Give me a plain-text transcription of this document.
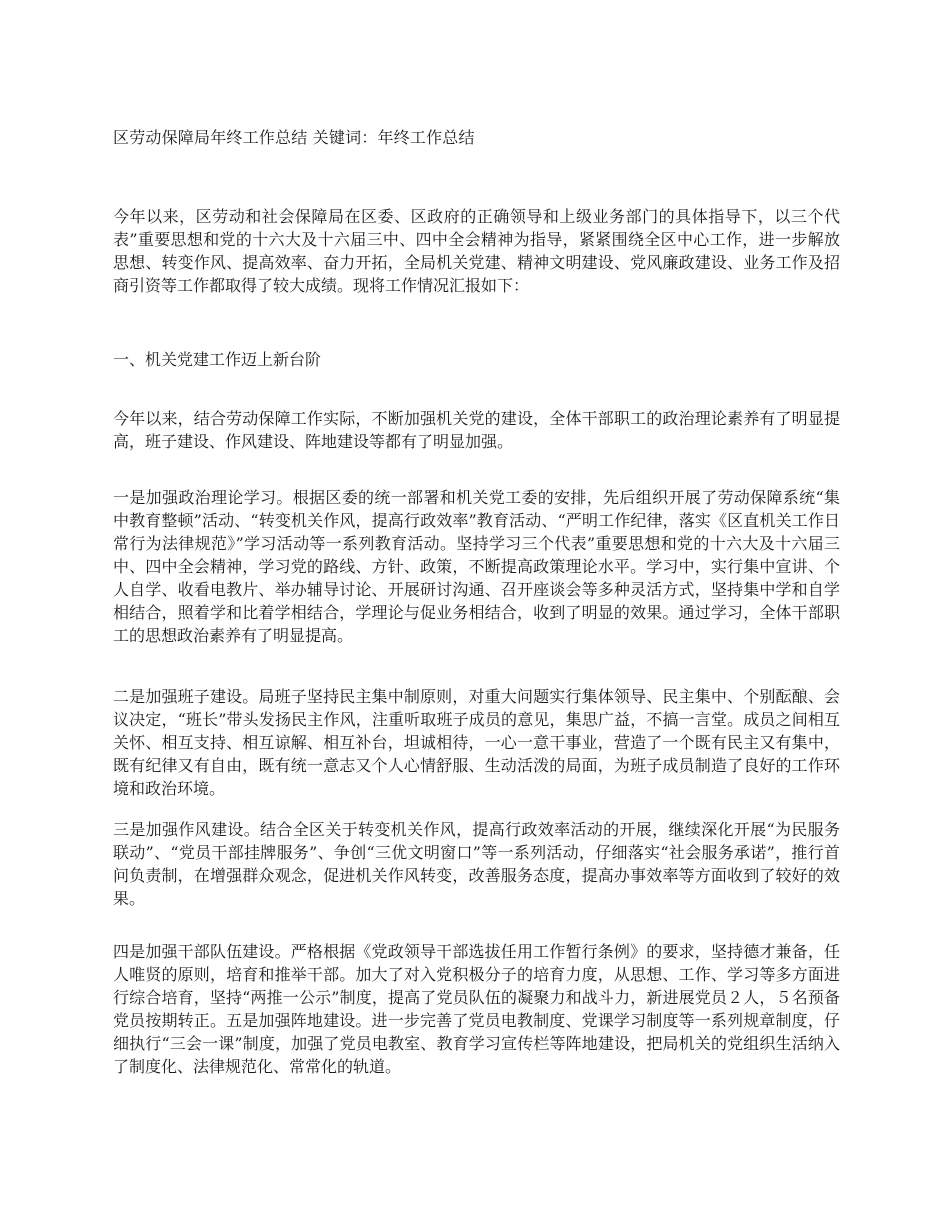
区劳动保障局年终工作总结 关键词：年终工作总结

今年以来，区劳动和社会保障局在区委、区政府的正确领导和上级业务部门的具体指导下，以三个代表”重要思想和党的十六大及十六届三中、四中全会精神为指导，紧紧围绕全区中心工作，进一步解放思想、转变作风、提高效率、奋力开拓，全局机关党建、精神文明建设、党风廉政建设、业务工作及招商引资等工作都取得了较大成绩。现将工作情况汇报如下：

一、机关党建工作迈上新台阶

今年以来，结合劳动保障工作实际，不断加强机关党的建设，全体干部职工的政治理论素养有了明显提高，班子建设、作风建设、阵地建设等都有了明显加强。

一是加强政治理论学习。根据区委的统一部署和机关党工委的安排，先后组织开展了劳动保障系统“集中教育整顿”活动、“转变机关作风，提高行政效率”教育活动、“严明工作纪律，落实《区直机关工作日常行为法律规范》”学习活动等一系列教育活动。坚持学习三个代表”重要思想和党的十六大及十六届三中、四中全会精神，学习党的路线、方针、政策，不断提高政策理论水平。学习中，实行集中宣讲、个人自学、收看电教片、举办辅导讨论、开展研讨沟通、召开座谈会等多种灵活方式，坚持集中学和自学相结合，照着学和比着学相结合，学理论与促业务相结合，收到了明显的效果。通过学习，全体干部职工的思想政治素养有了明显提高。

二是加强班子建设。局班子坚持民主集中制原则，对重大问题实行集体领导、民主集中、个别酝酿、会议决定，“班长”带头发扬民主作风，注重听取班子成员的意见，集思广益，不搞一言堂。成员之间相互关怀、相互支持、相互谅解、相互补台，坦诚相待，一心一意干事业，营造了一个既有民主又有集中，既有纪律又有自由，既有统一意志又个人心情舒服、生动活泼的局面，为班子成员制造了良好的工作环境和政治环境。

三是加强作风建设。结合全区关于转变机关作风，提高行政效率活动的开展，继续深化开展“为民服务联动”、“党员干部挂牌服务”、争创“三优文明窗口”等一系列活动，仔细落实“社会服务承诺”，推行首问负责制，在增强群众观念，促进机关作风转变，改善服务态度，提高办事效率等方面收到了较好的效果。

四是加强干部队伍建设。严格根据《党政领导干部选拔任用工作暂行条例》的要求，坚持德才兼备，任人唯贤的原则，培育和推举干部。加大了对入党积极分子的培育力度，从思想、工作、学习等多方面进行综合培育，坚持“两推一公示”制度，提高了党员队伍的凝聚力和战斗力，新进展党员２人，５名预备党员按期转正。五是加强阵地建设。进一步完善了党员电教制度、党课学习制度等一系列规章制度，仔细执行“三会一课”制度，加强了党员电教室、教育学习宣传栏等阵地建设，把局机关的党组织生活纳入了制度化、法律规范化、常常化的轨道。
